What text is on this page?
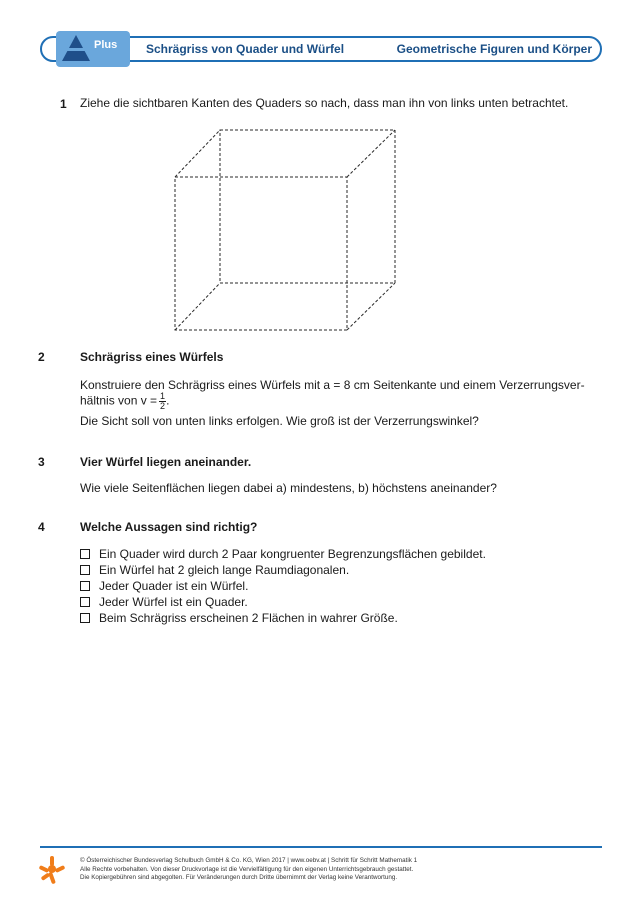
Plus Schrägriss von Quader und Würfel	Geometrische Figuren und Körper
1 Ziehe die sichtbaren Kanten des Quaders so nach, dass man ihn von links unten betrachtet.
2	Schrägriss eines Würfels
Konstruiere den Schrägriss eines Würfels mit a = 8 cm Seitenkante und einem Verzerrungsver-
hältnis von $v = \frac{1}{2}$ .
Die Sicht soll von unten links erfolgen. Wie groß ist der Verzerrungswinkel?
3	Vier Würfel liegen aneinander.
Wie viele Seitenflächen liegen dabei a) mindestens, b) höchstens aneinander?
4	Welche Aussagen sind richtig?
Ein Quader wird durch 2 Paar kongruenter Begrenzungsflächen gebildet.
Ein Würfel hat 2 gleich lange Raumdiagonalen.
Jeder Quader ist ein Würfel.
Jeder Würfel ist ein Quader.
Beim Schrägriss erscheinen 2 Flächen in wahrer Größe.
© Österreichischer Bundesverlag Schulbuch GmbH & Co. KG, Wien 2017 | www.oebv.at | Schritt für Schritt Mathematik 1
Alle Rechte vorbehalten. Von dieser Druckvorlage ist die Vervielfältigung für den eigenen Unterrichtsgebrauch gestattet.
Die Kopiergebühren sind abgegolten. Für Veränderungen durch Dritte übernimmt der Verlag keine Verantwortung.
